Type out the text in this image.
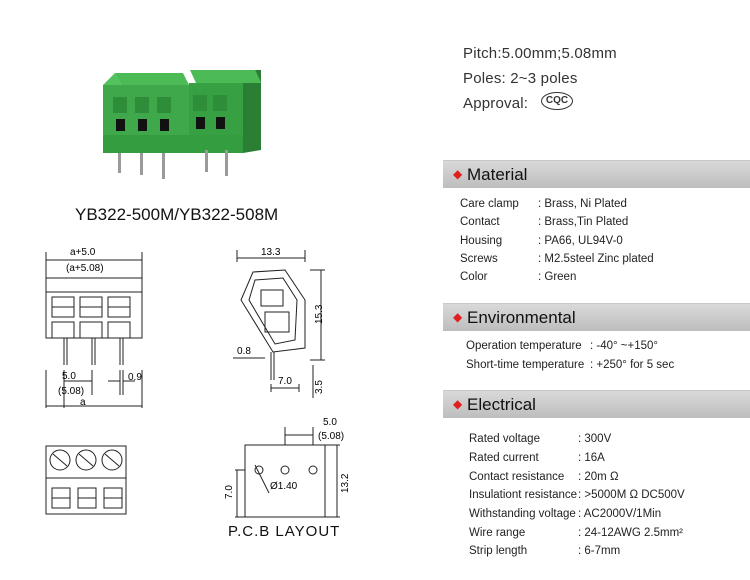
Pitch:5.00mm;5.08mm
Poles: 2~3 poles
Approval:	CQC
YB322-500M/YB322-508M
a+5.0
(a+5.08)
5.0
(5.08)
a
0.9
13.3
15.3
0.8
7.0 3.5
5.0
(5.08)
Ø1.40
7.0	13.2
P.C.B LAYOUT
◆ Material
Care clamp : Brass, Ni Plated
Contact	: Brass,Tin Plated
Housing	: PA66, UL94V-0
Screws	: M2.5steel Zinc plated
Color	: Green
◆ Environmental
Operation temperature : -40° ~+150°
Short-time temperature : +250° for 5 sec
◆ Electrical
Rated voltage	: 300V
Rated current	: 16A
Contact resistance : 20m Ω
Insulationt resistance : >5000M Ω DC500V
Withstanding voltage : AC2000V/1Min
Wire range	: 24-12AWG 2.5mm²
Strip length	: 6-7mm
